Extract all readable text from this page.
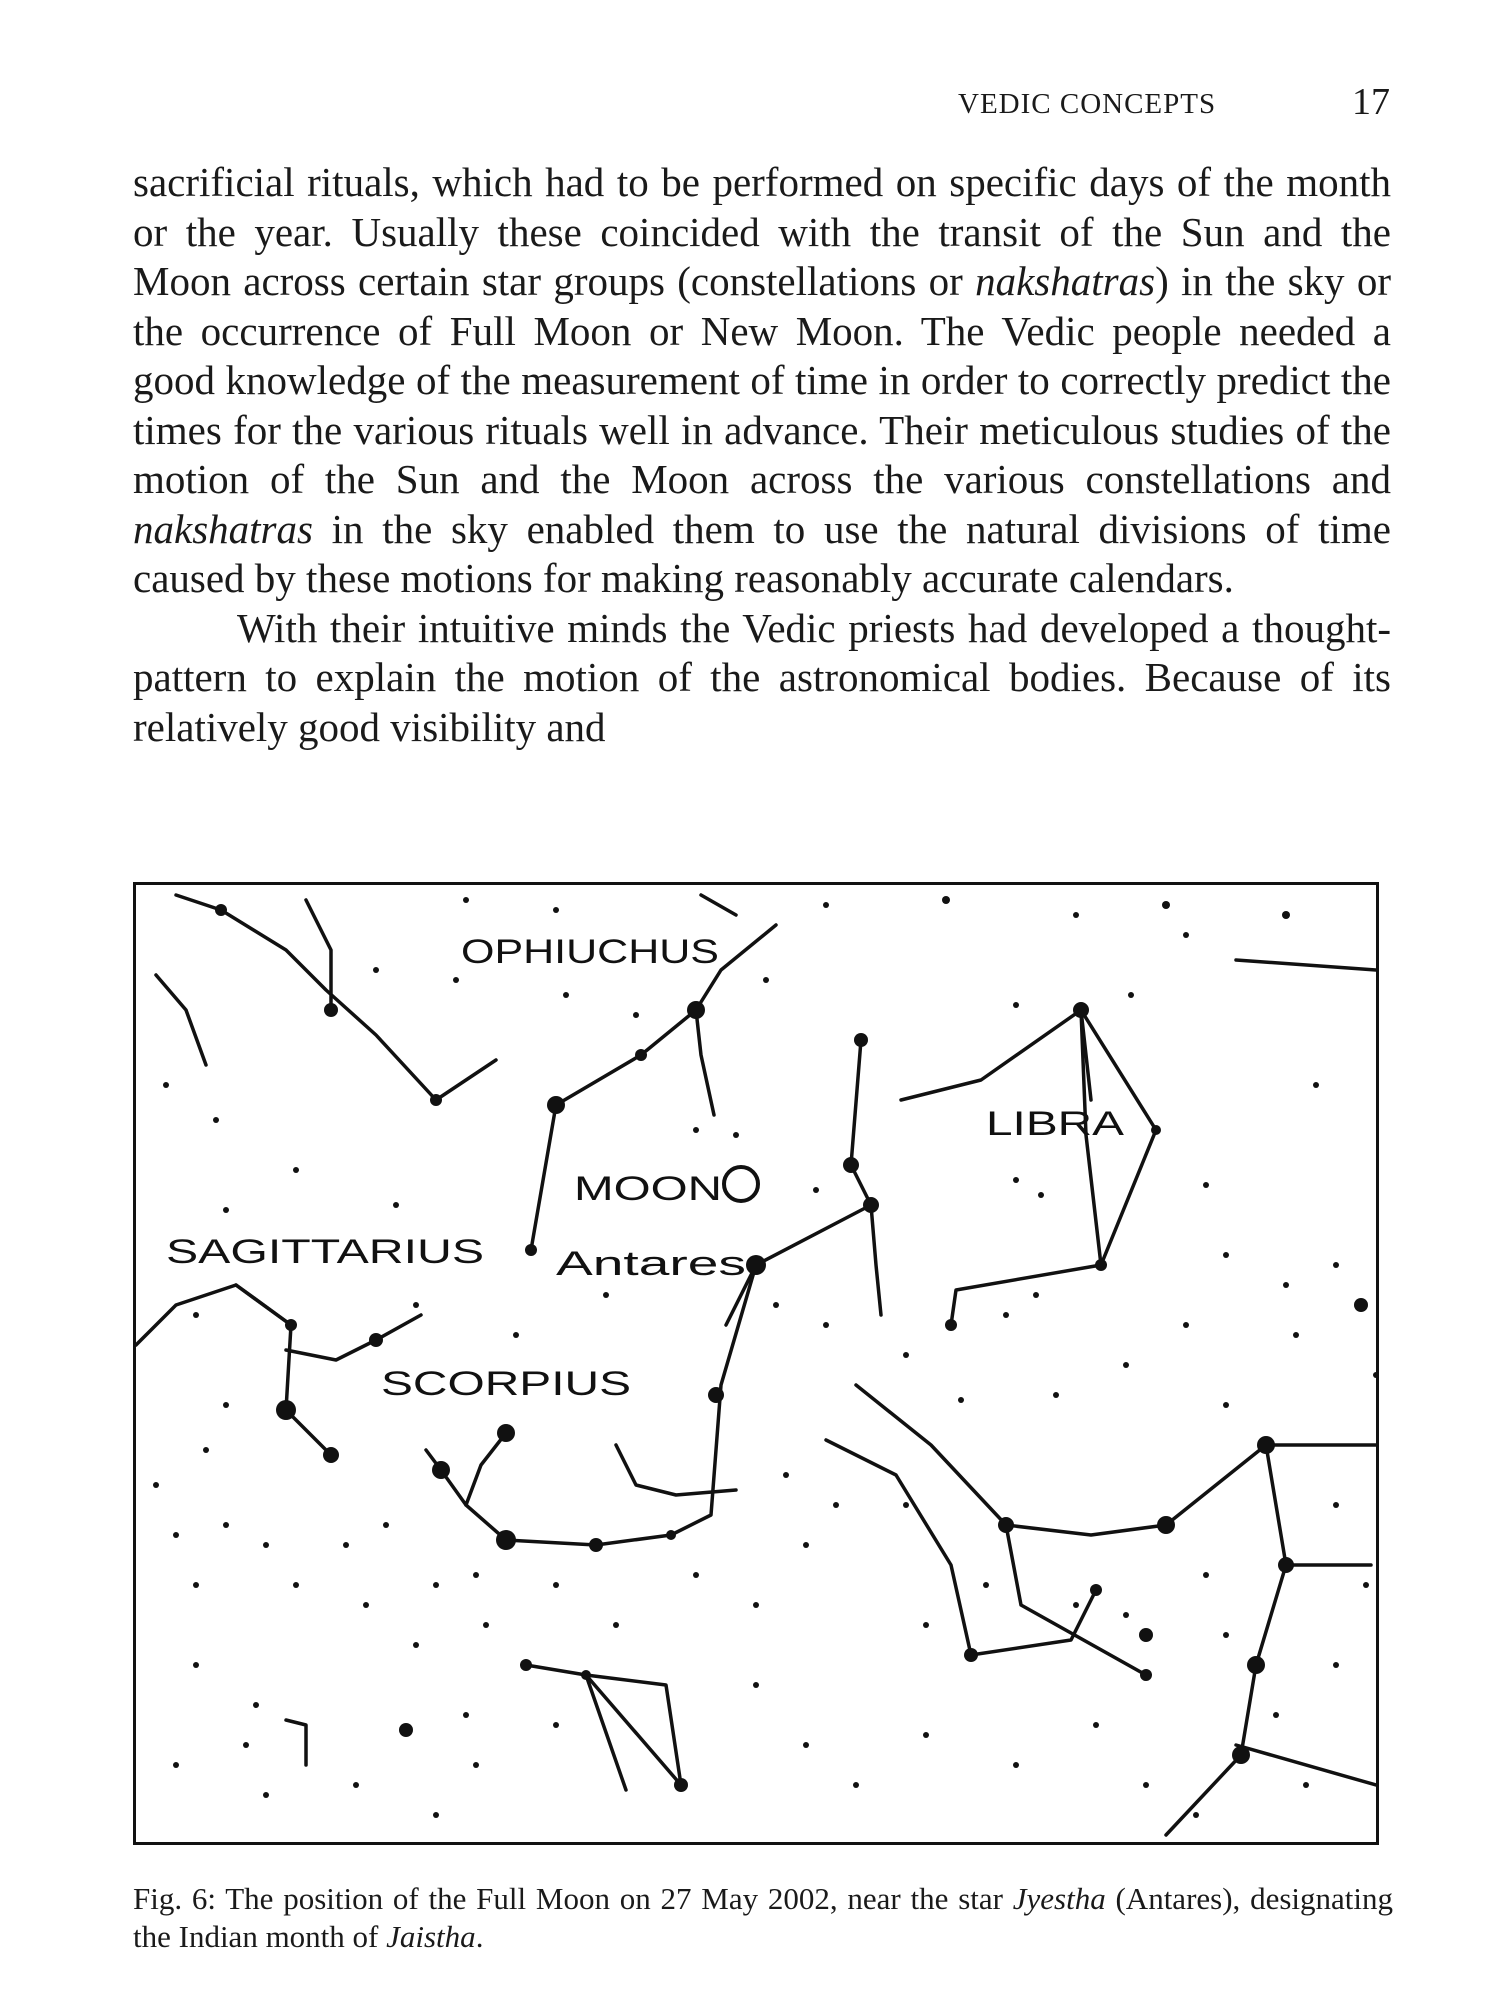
VEDIC CONCEPTS	17

sacrificial rituals, which had to be performed on specific days of the month or the year. Usually these coincided with the transit of the Sun and the Moon across certain star groups (constellations or nakshatras) in the sky or the occurrence of Full Moon or New Moon. The Vedic people needed a good knowledge of the measurement of time in order to correctly predict the times for the various rituals well in advance. Their meticulous studies of the motion of the Sun and the Moon across the various constellations and nakshatras in the sky enabled them to use the natural divisions of time caused by these motions for making reasonably accurate calendars.

With their intuitive minds the Vedic priests had developed a thought-pattern to explain the motion of the astronomical bodies. Because of its relatively good visibility and

OPHIUCHUS
LIBRA
MOON
Antares
SAGITTARIUS
SCORPIUS
Fig. 6: The position of the Full Moon on 27 May 2002, near the star Jyestha (Antares), designating the Indian month of Jaistha.
